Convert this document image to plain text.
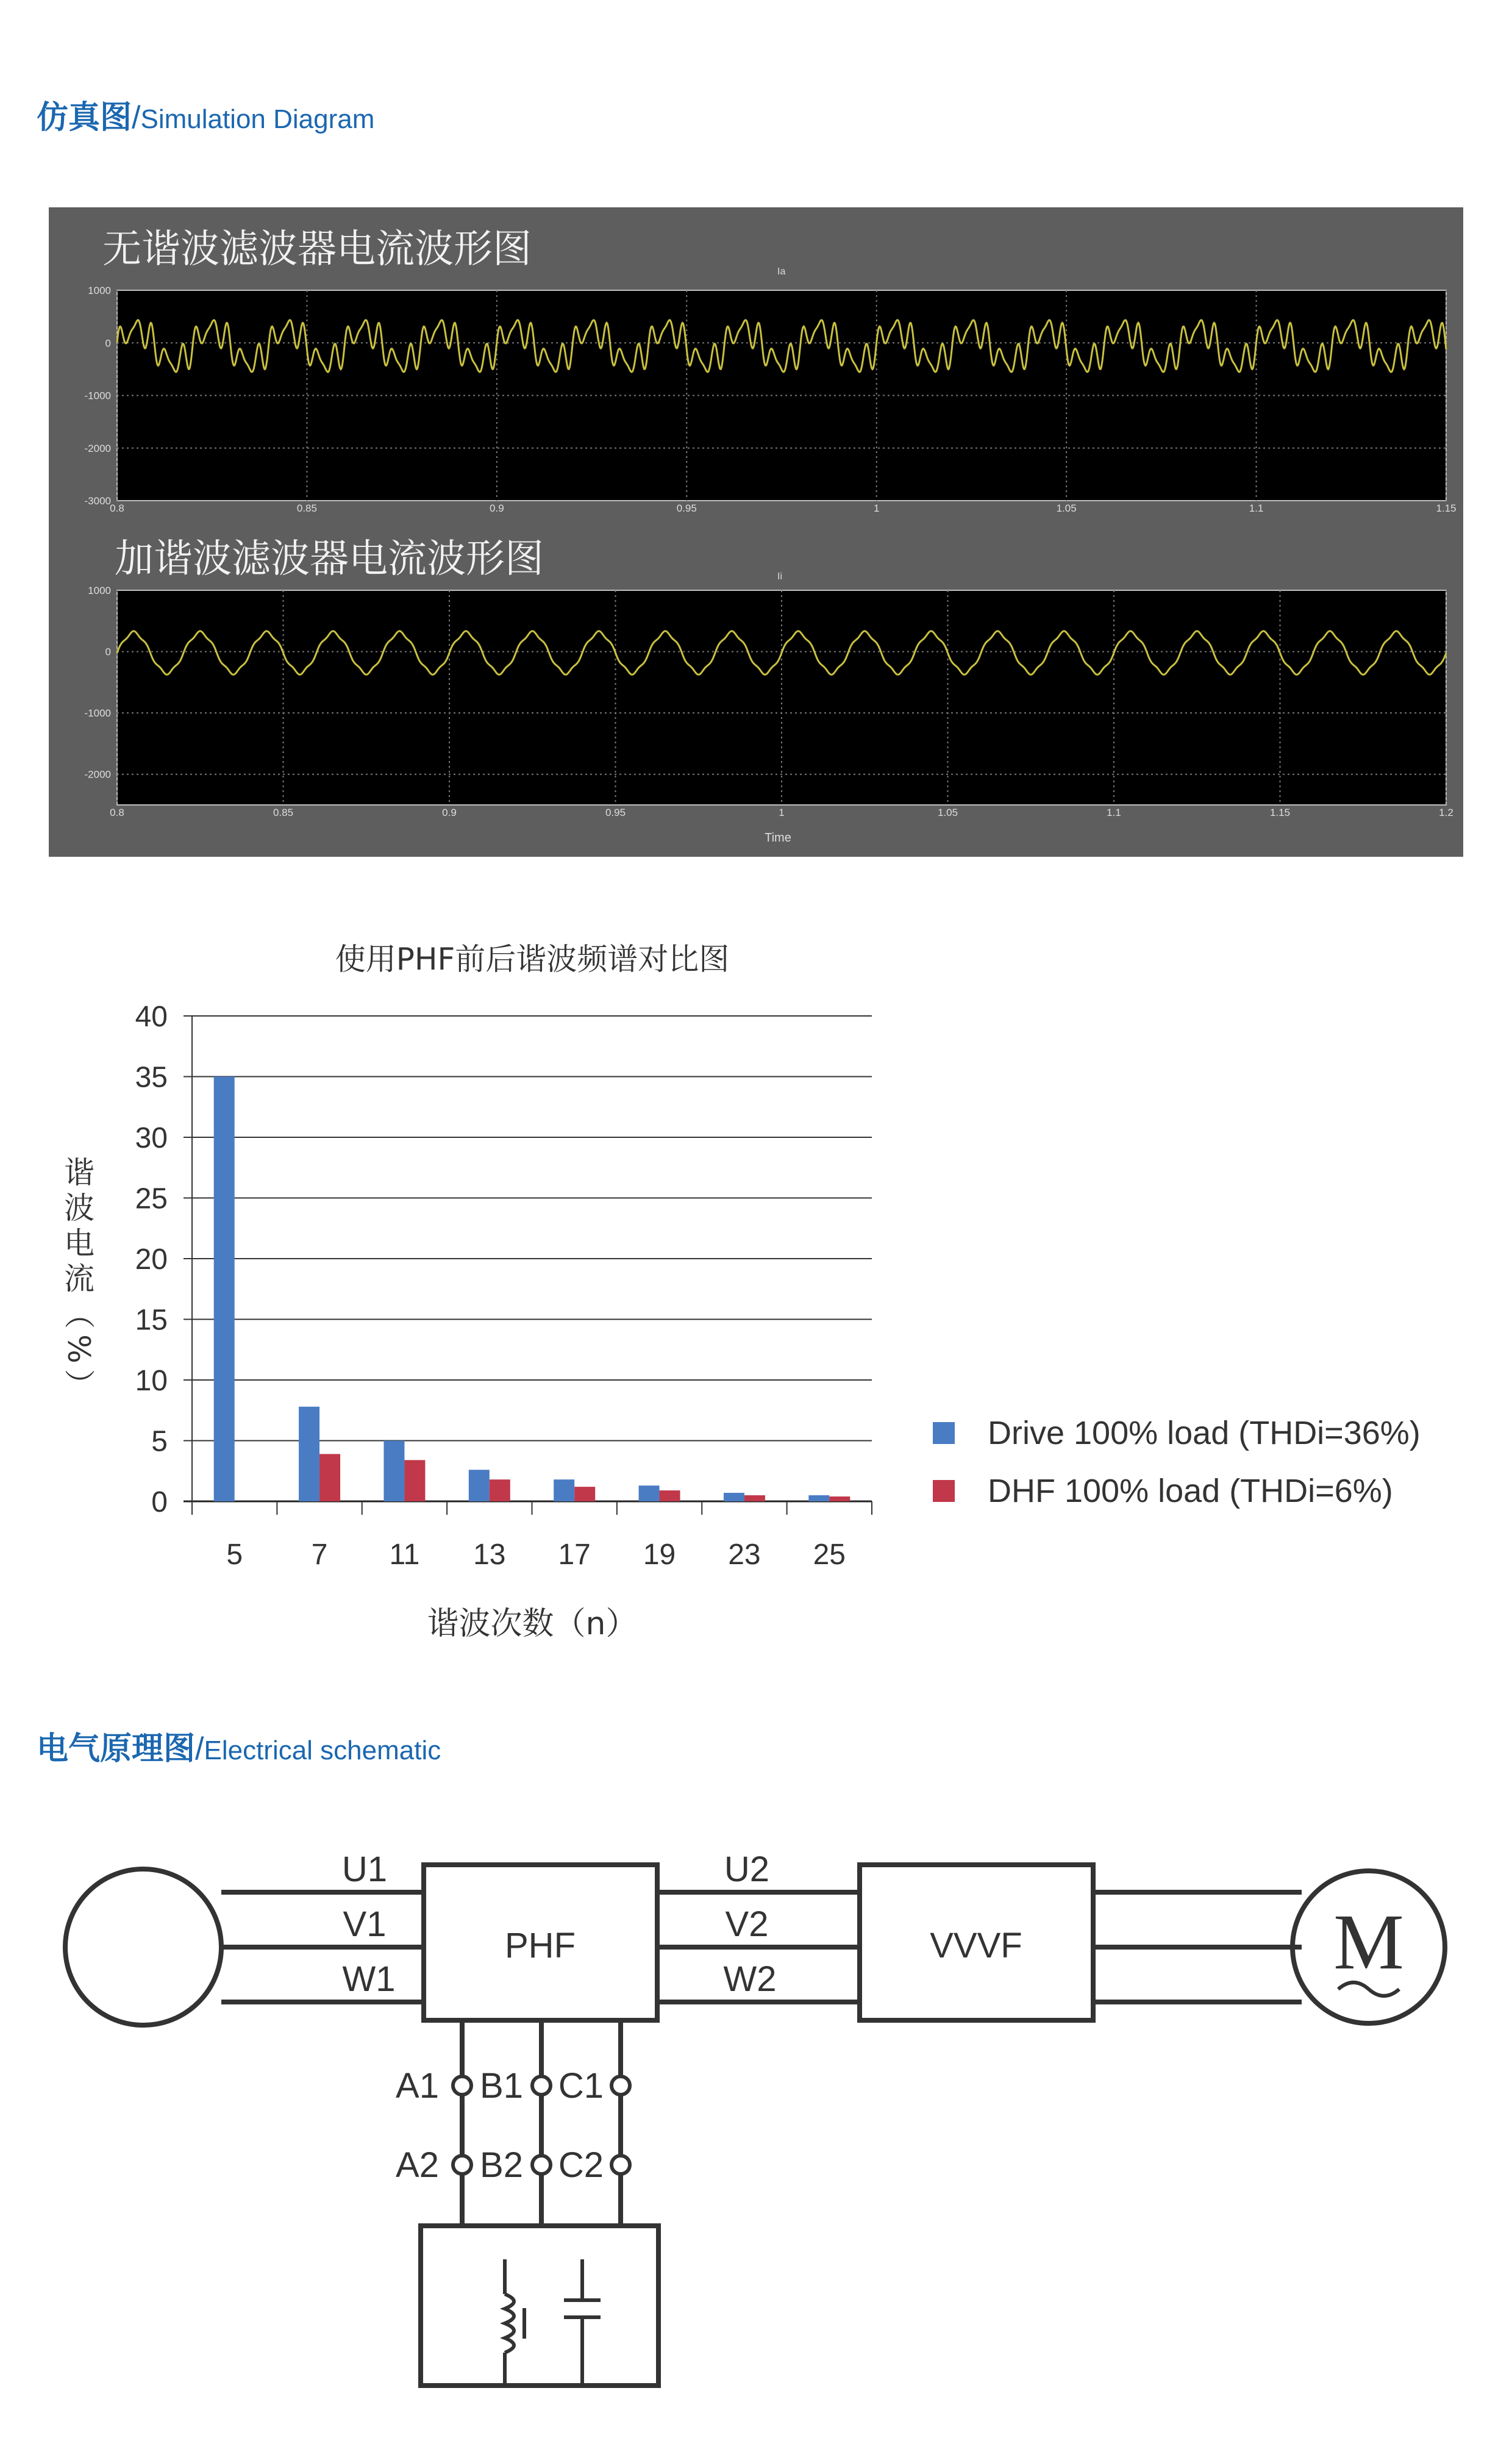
仿真图/Simulation Diagram
无谐波滤波器电流波形图	Ia
1000
0
-1000
-2000
-3000
0.8	0.85	0.9	0.95	1	1.05	1.1	1.15
加谐波滤波器电流波形图	Ii
1000
0
-1000
-2000
0.8	0.85	0.9	0.95	1	1.05	1.1	1.15	1.2
Time
使用PHF前后谐波频谱对比图
0
5
10
15
20
25
30
35
40
5 7 11 13 17 19 23 25
谐
波
电
流
（
%
）
谐波次数（n）
Drive 100% load (THDi=36%)
DHF 100% load (THDi=6%)
电气原理图/Electrical schematic
U1
V1
W1
U2
V2
W2
PHF	VVVF
A1 B1 C1
A2 B2 C2
M
